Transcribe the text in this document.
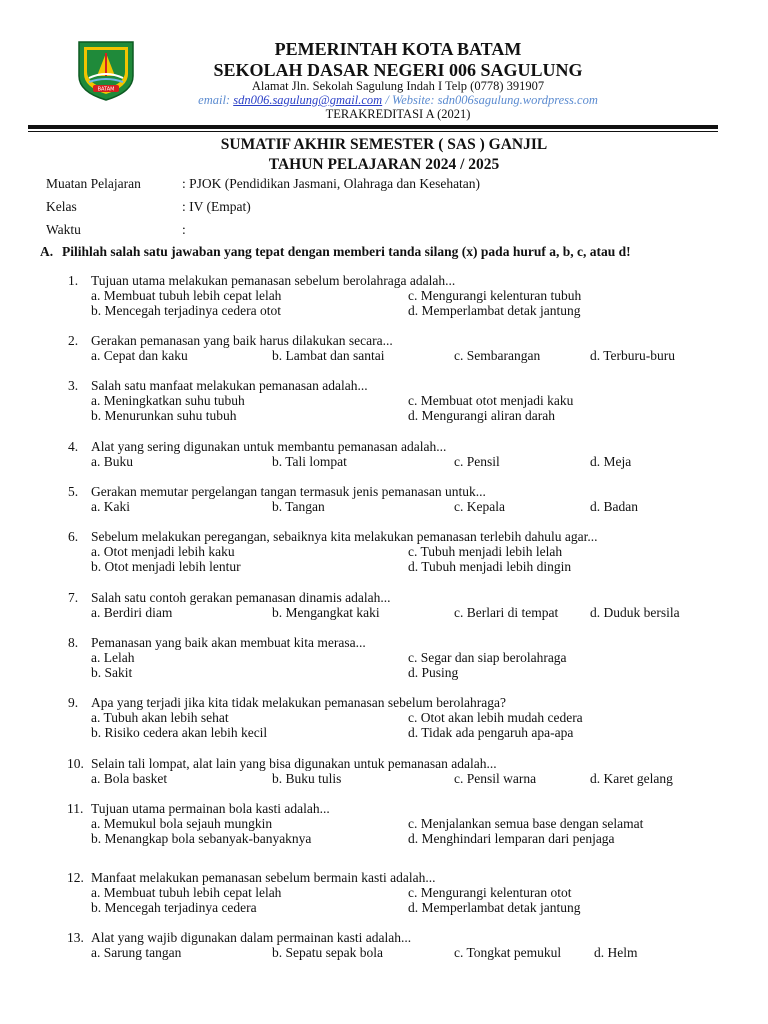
BATAM
PEMERINTAH KOTA BATAM
SEKOLAH DASAR NEGERI 006 SAGULUNG
Alamat Jln. Sekolah Sagulung Indah I Telp (0778) 391907
email: sdn006.sagulung@gmail.com / Website: sdn006sagulung.wordpress.com
TERAKREDITASI A (2021)
SUMATIF AKHIR SEMESTER ( SAS ) GANJIL
TAHUN PELAJARAN 2024 / 2025
Muatan Pelajaran	: PJOK (Pendidikan Jasmani, Olahraga dan Kesehatan)
Kelas	: IV (Empat)
Waktu	:
A. Pilihlah salah satu jawaban yang tepat dengan memberi tanda silang (x) pada huruf a, b, c, atau d!
1. Tujuan utama melakukan pemanasan sebelum berolahraga adalah...
a. Membuat tubuh lebih cepat lelah
b. Mencegah terjadinya cedera otot
c. Mengurangi kelenturan tubuh
d. Memperlambat detak jantung
2. Gerakan pemanasan yang baik harus dilakukan secara...
a. Cepat dan kaku	b. Lambat dan santai	c. Sembarangan	d. Terburu-buru
3. Salah satu manfaat melakukan pemanasan adalah...
a. Meningkatkan suhu tubuh
b. Menurunkan suhu tubuh
c. Membuat otot menjadi kaku
d. Mengurangi aliran darah
4. Alat yang sering digunakan untuk membantu pemanasan adalah...
a. Buku	b. Tali lompat	c. Pensil	d. Meja
5. Gerakan memutar pergelangan tangan termasuk jenis pemanasan untuk...
a. Kaki	b. Tangan	c. Kepala	d. Badan
6. Sebelum melakukan peregangan, sebaiknya kita melakukan pemanasan terlebih dahulu agar...
a. Otot menjadi lebih kaku
b. Otot menjadi lebih lentur
c. Tubuh menjadi lebih lelah
d. Tubuh menjadi lebih dingin
7. Salah satu contoh gerakan pemanasan dinamis adalah...
a. Berdiri diam	b. Mengangkat kaki	c. Berlari di tempat d. Duduk bersila
8. Pemanasan yang baik akan membuat kita merasa...
a. Lelah
b. Sakit
c. Segar dan siap berolahraga
d. Pusing
9. Apa yang terjadi jika kita tidak melakukan pemanasan sebelum berolahraga?
a. Tubuh akan lebih sehat
b. Risiko cedera akan lebih kecil
c. Otot akan lebih mudah cedera
d. Tidak ada pengaruh apa-apa
10. Selain tali lompat, alat lain yang bisa digunakan untuk pemanasan adalah...
a. Bola basket	b. Buku tulis	c. Pensil warna	d. Karet gelang
11. Tujuan utama permainan bola kasti adalah...
a. Memukul bola sejauh mungkin
b. Menangkap bola sebanyak-banyaknya
c. Menjalankan semua base dengan selamat
d. Menghindari lemparan dari penjaga
12. Manfaat melakukan pemanasan sebelum bermain kasti adalah...
a. Membuat tubuh lebih cepat lelah
b. Mencegah terjadinya cedera
c. Mengurangi kelenturan otot
d. Memperlambat detak jantung
13. Alat yang wajib digunakan dalam permainan kasti adalah...
a. Sarung tangan	b. Sepatu sepak bola	c. Tongkat pemukul d. Helm
